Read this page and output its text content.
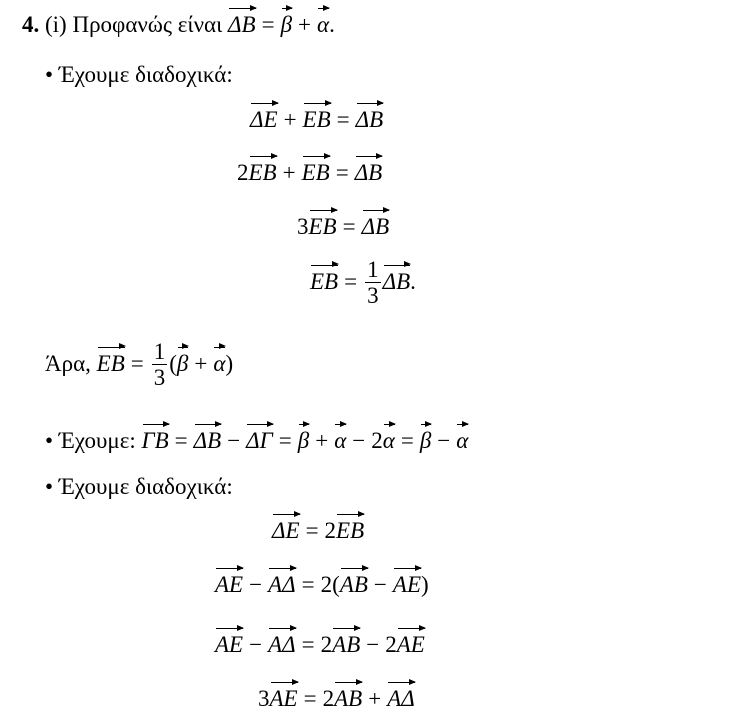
4. (i) Προφανώς είναι ΔB = β + α.
• Έχουμε διαδοχικά:
ΔE + EB = ΔB
2EB + EB = ΔB
3EB = ΔB
EB = $\frac{1}{3} \Delta B$.
Άρα, EB = $\frac{1}{3} (\beta + \alpha)$
• Έχουμε: ΓB = ΔB − ΔΓ = β + α − 2α = β − α
• Έχουμε διαδοχικά:
ΔE = 2EB
AE − AΔ = 2(AB − AE)
AE − AΔ = 2AB − 2AE
3AE = 2AB + AΔ
